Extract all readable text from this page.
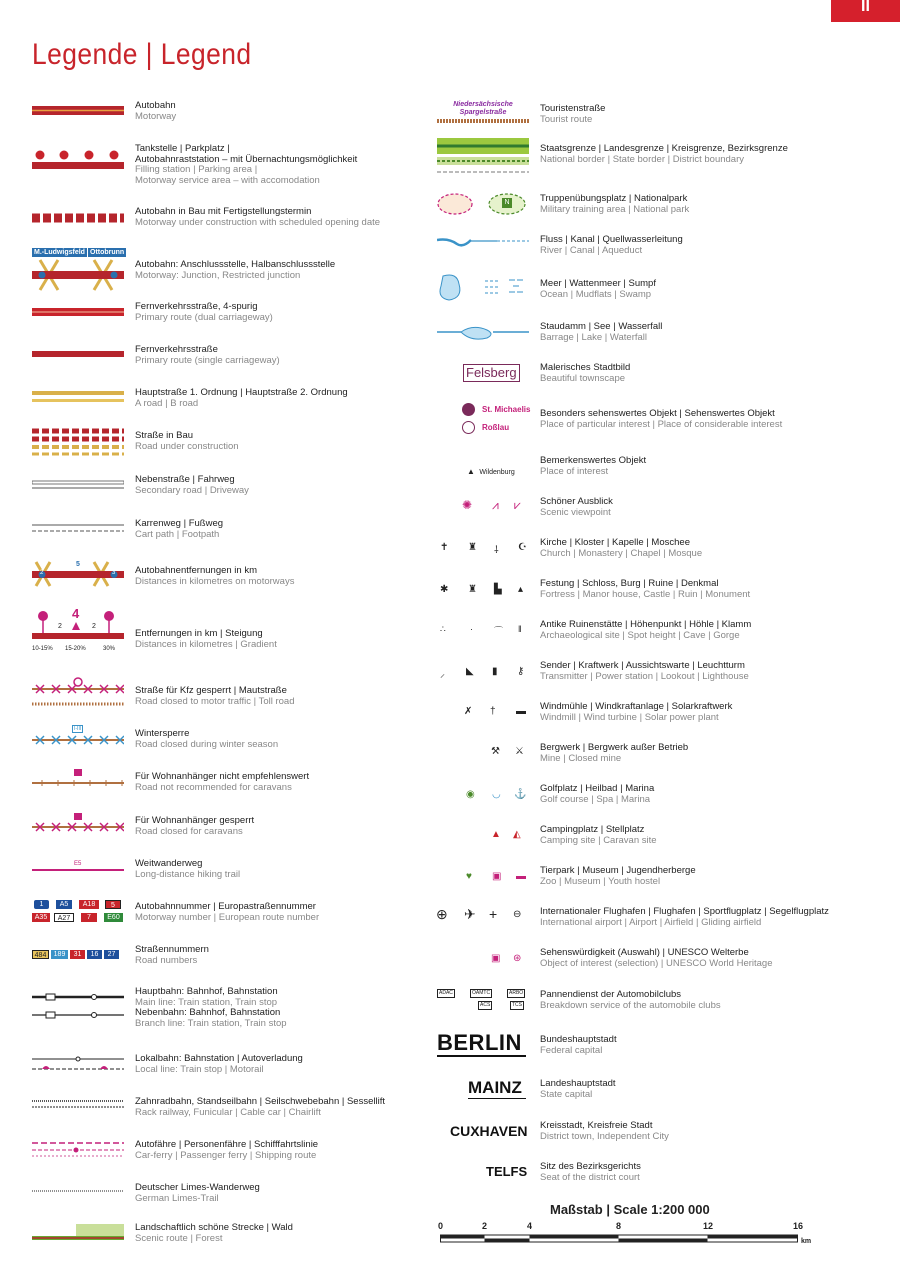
II
Legende | Legend
Autobahn
Motorway
Tankstelle | Parkplatz |
Autobahnraststation – mit Übernachtungsmöglichkeit
Filling station | Parking area |
Motorway service area – with accomodation
Autobahn in Bau mit Fertigstellungstermin
Motorway under construction with scheduled opening date
M.-Ludwigsfeld Ottobrunn
Autobahn: Anschlussstelle, Halbanschlussstelle
Motorway: Junction, Restricted junction
Fernverkehrsstraße, 4-spurig
Primary route (dual carriageway)
Fernverkehrsstraße
Primary route (single carriageway)
Hauptstraße 1. Ordnung | Hauptstraße 2. Ordnung
A road | B road
Straße in Bau
Road under construction
Nebenstraße | Fahrweg
Secondary road | Driveway
Karrenweg | Fußweg
Cart path | Footpath
2
5
3 Autobahnentfernungen in km
Distances in kilometres on motorways
4
2	2
10-15% 15-20%	30%
Entfernungen in km | Steigung
Distances in kilometres | Gradient
Straße für Kfz gesperrt | Mautstraße
Road closed to motor traffic | Toll road
I-III	Wintersperre
Road closed during winter season
Für Wohnanhänger nicht empfehlenswert
Road not recommended for caravans
Für Wohnanhänger gesperrt
Road closed for caravans
E5	Weitwanderweg
Long-distance hiking trail
1	A5	A18	5
A35	A27	7	E60
Autobahnnummer | Europastraßennummer
Motorway number | European route number
484	189	31	16	27	Straßennummern
Road numbers
Hauptbahn: Bahnhof, Bahnstation
Main line: Train station, Train stop
Nebenbahn: Bahnhof, Bahnstation
Branch line: Train station, Train stop
Lokalbahn: Bahnstation | Autoverladung
Local line: Train stop | Motorail
Zahnradbahn, Standseilbahn | Seilschwebebahn | Sessellift
Rack railway, Funicular | Cable car | Chairlift
Autofähre | Personenfähre | Schifffahrtslinie
Car-ferry | Passenger ferry | Shipping route
Deutscher Limes-Wanderweg
German Limes-Trail
Landschaftlich schöne Strecke | Wald
Scenic route | Forest
Niedersächsische
Spargelstraße	Touristenstraße
Tourist route
Staatsgrenze | Landesgrenze | Kreisgrenze, Bezirksgrenze
National border | State border | District boundary
N	Truppenübungsplatz | Nationalpark
Military training area | National park
Fluss | Kanal | Quellwasserleitung
River | Canal | Aqueduct
Meer | Wattenmeer | Sumpf
Ocean | Mudflats | Swamp
Staudamm | See | Wasserfall
Barrage | Lake | Waterfall
Felsberg	Malerisches Stadtbild
Beautiful townscape
St. Michaelis
Roßlau
Besonders sehenswertes Objekt | Sehenswertes Objekt
Place of particular interest | Place of considerable interest
▲ Wildenburg
Bemerkenswertes Objekt
Place of interest
✺ ⩘ ⩗ Schöner Ausblick
Scenic viewpoint
✝ ♜ ⸸ ☪ Kirche | Kloster | Kapelle | Moschee
Church | Monastery | Chapel | Mosque
✱ ♜ ▙ ▴
Festung | Schloss, Burg | Ruine | Denkmal
Fortress | Manor house, Castle | Ruin | Monument
∴	· ⌒ ǁ Antike Ruinenstätte | Höhenpunkt | Höhle | Klamm
Archaeological site | Spot height | Cave | Gorge
⸝ ◣ ▮ ⚷
Sender | Kraftwerk | Aussichtswarte | Leuchtturm
Transmitter | Power station | Lookout | Lighthouse
✗ † ▬ Windmühle | Windkraftanlage | Solarkraftwerk
Windmill | Wind turbine | Solar power plant
⚒ ⚔ Bergwerk | Bergwerk außer Betrieb
Mine | Closed mine
◉ ◡ ⚓
Golfplatz | Heilbad | Marina
Golf course | Spa | Marina
▲ ◭ Campingplatz | Stellplatz
Camping site | Caravan site
♥ ▣ ▬
Tierpark | Museum | Jugendherberge
Zoo | Museum | Youth hostel
⊕ ✈ + ⊖ Internationaler Flughafen | Flughafen | Sportflugplatz | Segelflugplatz
International airport | Airport | Airfield | Gliding airfield
▣ ⊛
Sehenswürdigkeit (Auswahl) | UNESCO Welterbe
Object of interest (selection) | UNESCO World Heritage
ADAC	ÖAMTC	ARBÖ
ACS	TCS
Pannendienst der Automobilclubs
Breakdown service of the automobile clubs
BERLIN Bundeshauptstadt
Federal capital
MAINZ Landeshauptstadt
State capital
CUXHAVEN Kreisstadt, Kreisfreie Stadt
District town, Independent City
TELFS Sitz des Bezirksgerichts
Seat of the district court
Maßstab | Scale 1:200 000
0	2	4	8	12	16
km
